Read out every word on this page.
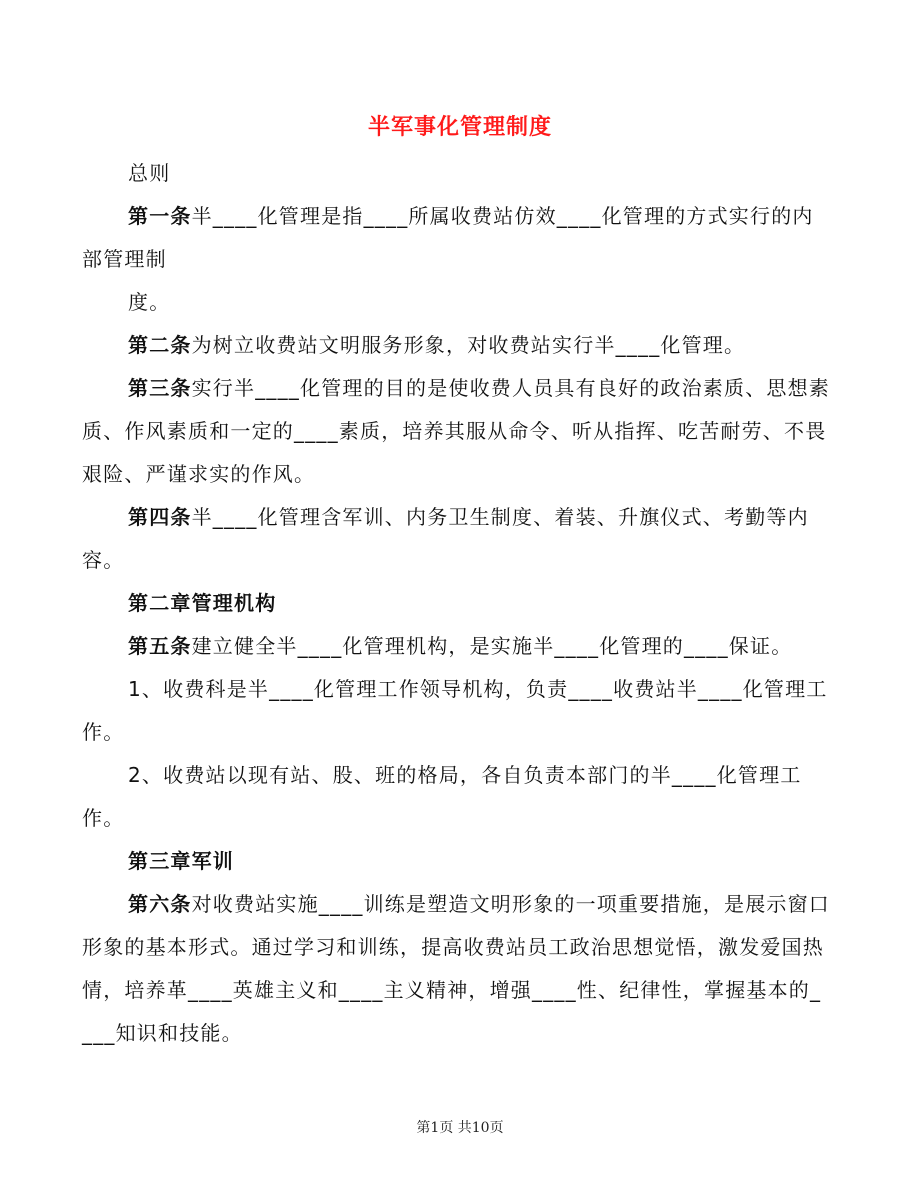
半军事化管理制度

总则

第一条半____化管理是指____所属收费站仿效____化管理的方式实行的内部管理制

度。

第二条为树立收费站文明服务形象，对收费站实行半____化管理。

第三条实行半____化管理的目的是使收费人员具有良好的政治素质、思想素质、作风素质和一定的____素质，培养其服从命令、听从指挥、吃苦耐劳、不畏艰险、严谨求实的作风。

第四条半____化管理含军训、内务卫生制度、着装、升旗仪式、考勤等内容。

第二章管理机构

第五条建立健全半____化管理机构，是实施半____化管理的____保证。

1、收费科是半____化管理工作领导机构，负责____收费站半____化管理工作。

2、收费站以现有站、股、班的格局，各自负责本部门的半____化管理工作。

第三章军训

第六条对收费站实施____训练是塑造文明形象的一项重要措施，是展示窗口形象的基本形式。通过学习和训练，提高收费站员工政治思想觉悟，激发爱国热情，培养革____英雄主义和____主义精神，增强____性、纪律性，掌握基本的____知识和技能。

第1页 共10页
